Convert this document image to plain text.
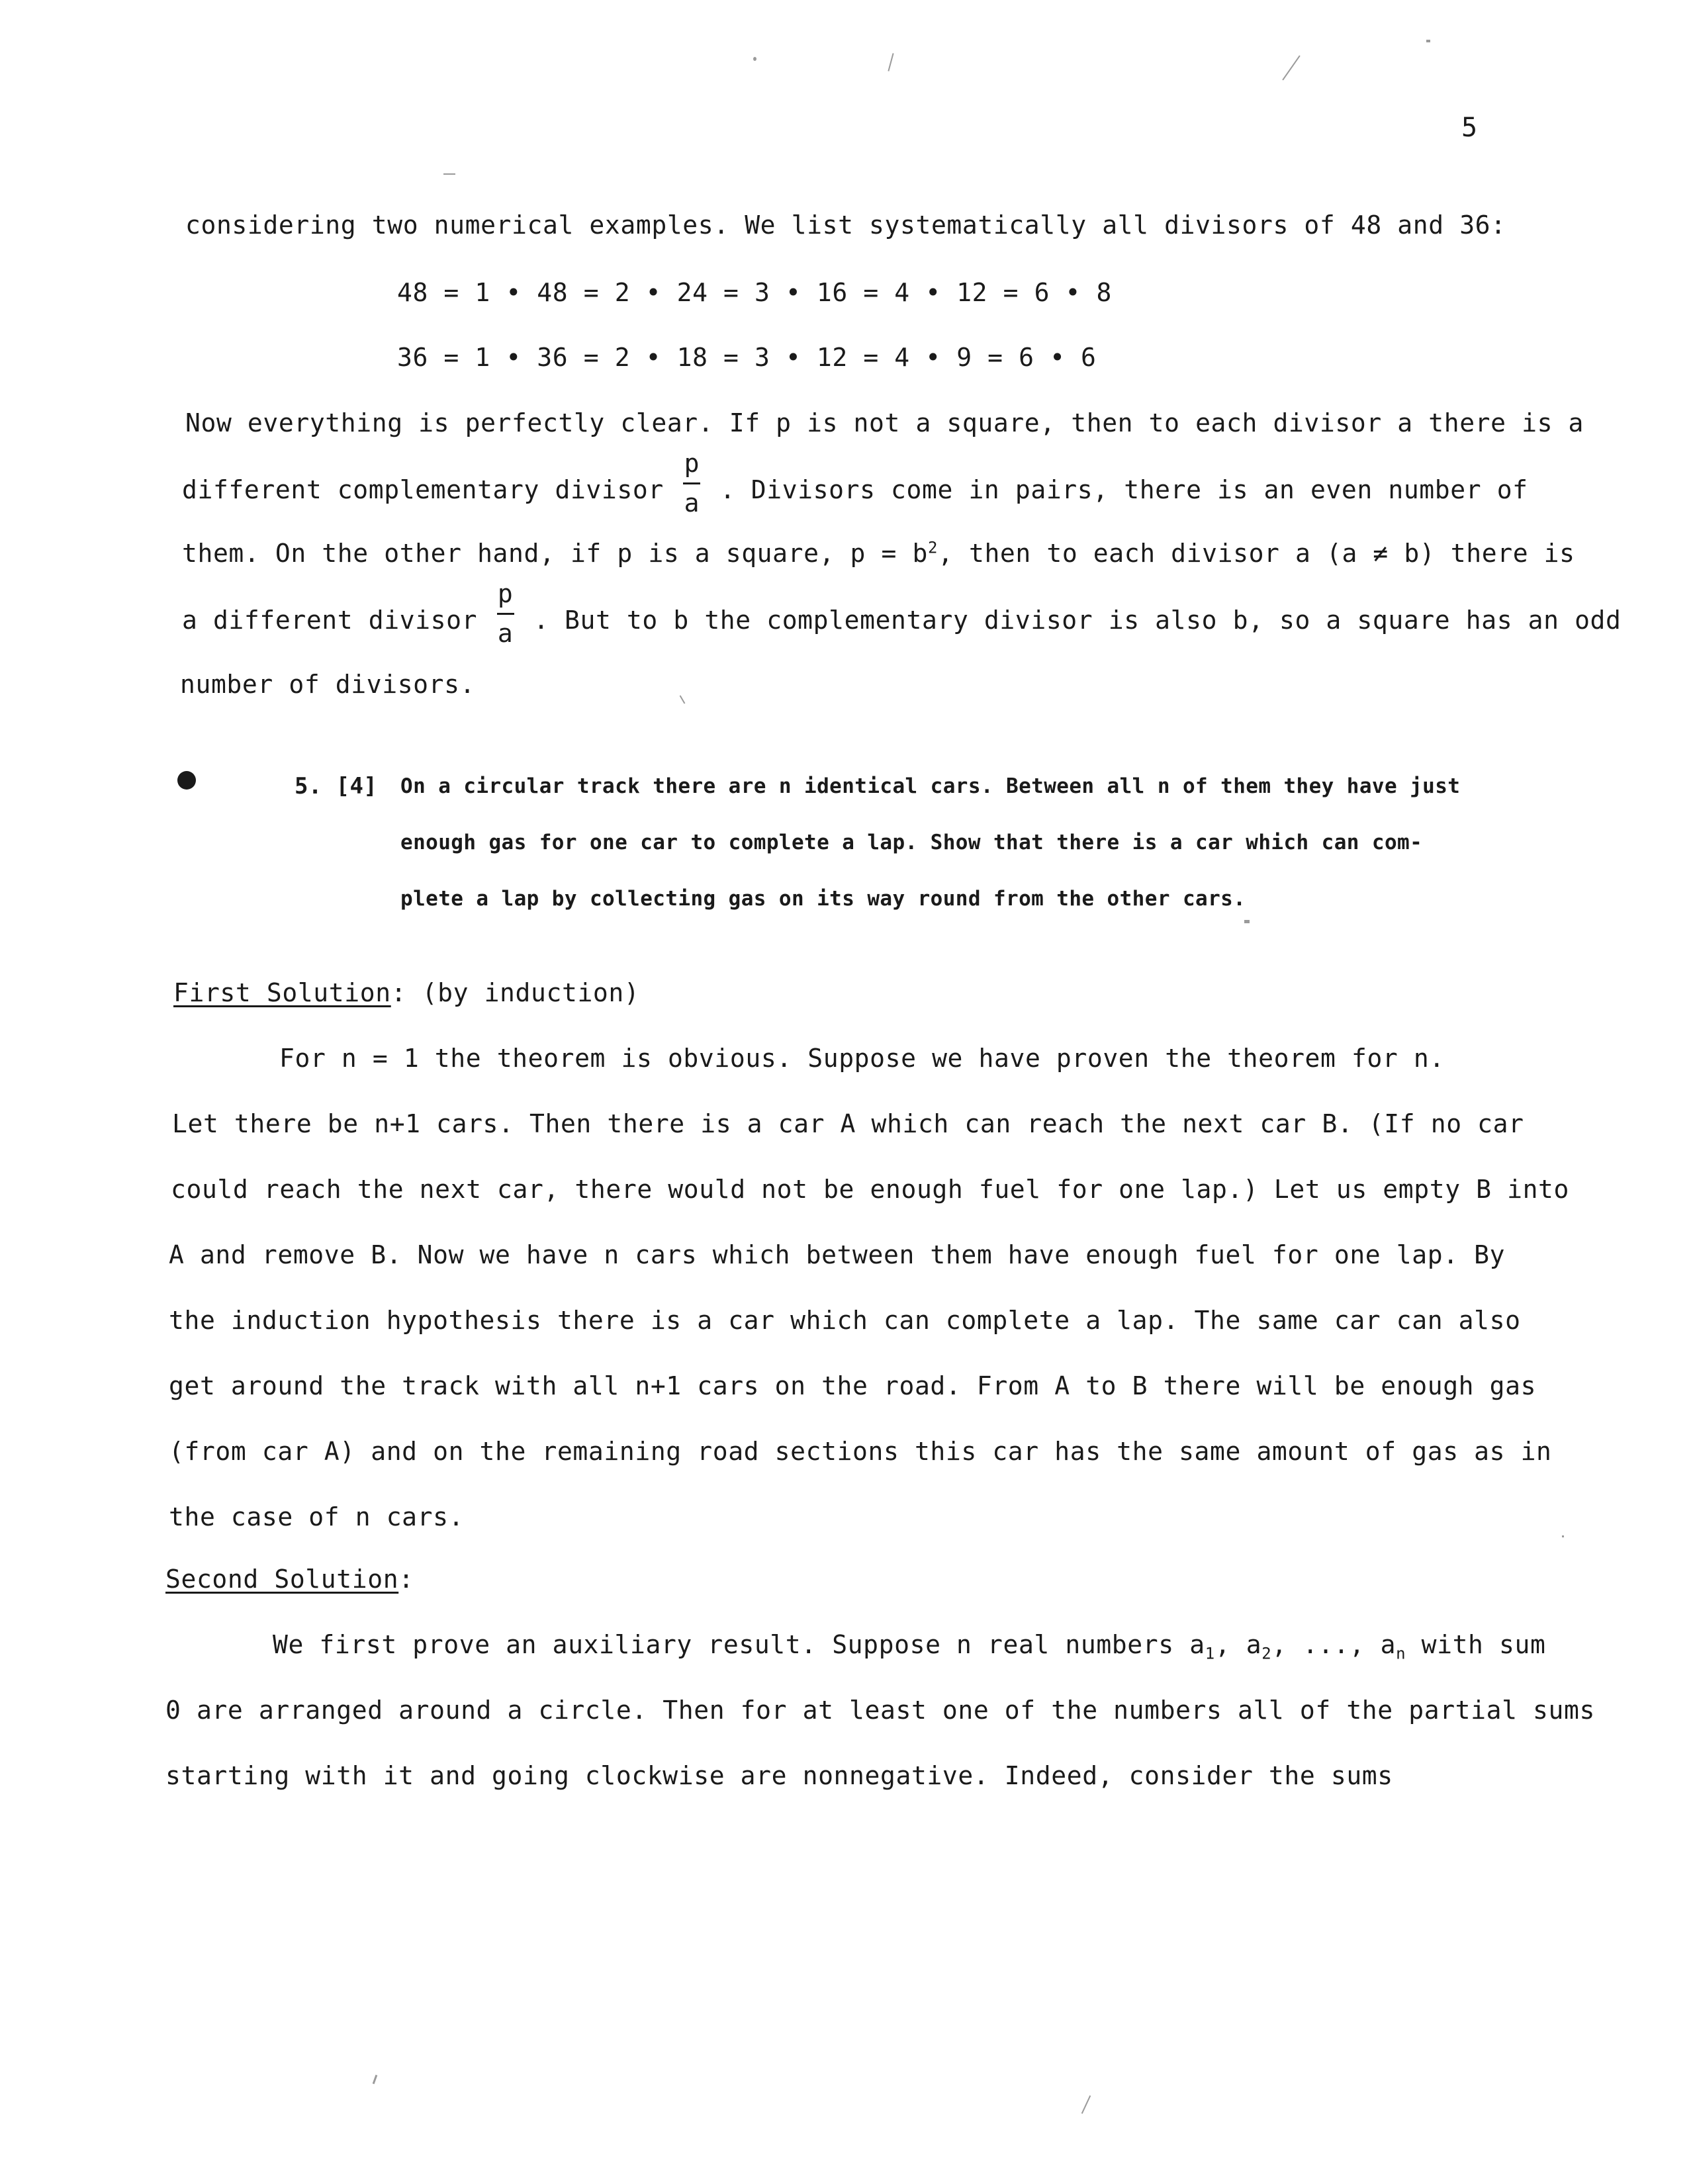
5
considering two numerical examples. We list systematically all divisors of 48 and 36:
48 = 1 • 48 = 2 • 24 = 3 • 16 = 4 • 12 = 6 • 8
36 = 1 • 36 = 2 • 18 = 3 • 12 = 4 • 9 = 6 • 6
Now everything is perfectly clear. If p is not a square, then to each divisor a there is a
different complementary divisor $\frac{p}{a}$ . Divisors come in pairs, there is an even number of
them. On the other hand, if p is a square, $p = b^2$, then to each divisor a (a ≠ b) there is
a different divisor $\frac{p}{a}$ . But to b the complementary divisor is also b, so a square has an odd
number of divisors.
5. [4] On a circular track there are n identical cars. Between all n of them they have just
enough gas for one car to complete a lap. Show that there is a car which can com-
plete a lap by collecting gas on its way round from the other cars.
First Solution: (by induction)
For n = 1 the theorem is obvious. Suppose we have proven the theorem for n.
Let there be n+1 cars. Then there is a car A which can reach the next car B. (If no car
could reach the next car, there would not be enough fuel for one lap.) Let us empty B into
A and remove B. Now we have n cars which between them have enough fuel for one lap. By
the induction hypothesis there is a car which can complete a lap. The same car can also
get around the track with all n+1 cars on the road. From A to B there will be enough gas
(from car A) and on the remaining road sections this car has the same amount of gas as in
the case of n cars.
Second Solution:
We first prove an auxiliary result. Suppose n real numbers $a_1$, $a_2$, ..., $a_n$ with sum
0 are arranged around a circle. Then for at least one of the numbers all of the partial sums
starting with it and going clockwise are nonnegative. Indeed, consider the sums
